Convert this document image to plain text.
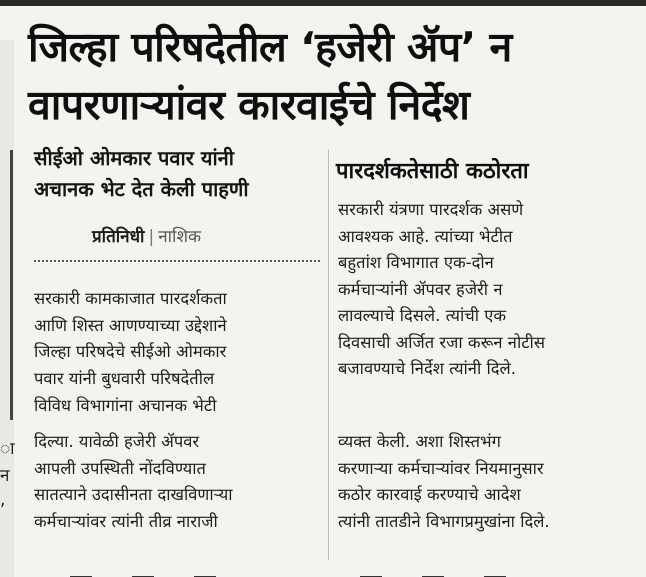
ा
न
,
जिल्हा परिषदेतील ‘हजेरी ॲप’ न
वापरणाऱ्यांवर कारवाईचे निर्देश
सीईओ ओमकार पवार यांनी
अचानक भेट देत केली पाहणी
प्रतिनिधी | नाशिक
सरकारी कामकाजात पारदर्शकता
आणि शिस्त आणण्याच्या उद्देशाने
जिल्हा परिषदेचे सीईओ ओमकार
पवार यांनी बुधवारी परिषदेतील
विविध विभागांना अचानक भेटी
दिल्या. यावेळी हजेरी ॲपवर
आपली उपस्थिती नोंदविण्यात
सातत्याने उदासीनता दाखविणाऱ्या
कर्मचाऱ्यांवर त्यांनी तीव्र नाराजी
पारदर्शकतेसाठी कठोरता
सरकारी यंत्रणा पारदर्शक असणे
आवश्यक आहे. त्यांच्या भेटीत
बहुतांश विभागात एक-दोन
कर्मचाऱ्यांनी ॲपवर हजेरी न
लावल्याचे दिसले. त्यांची एक
दिवसाची अर्जित रजा करून नोटीस
बजावण्याचे निर्देश त्यांनी दिले.
व्यक्त केली. अशा शिस्तभंग
करणाऱ्या कर्मचाऱ्यांवर नियमानुसार
कठोर कारवाई करण्याचे आदेश
त्यांनी तातडीने विभागप्रमुखांना दिले.
